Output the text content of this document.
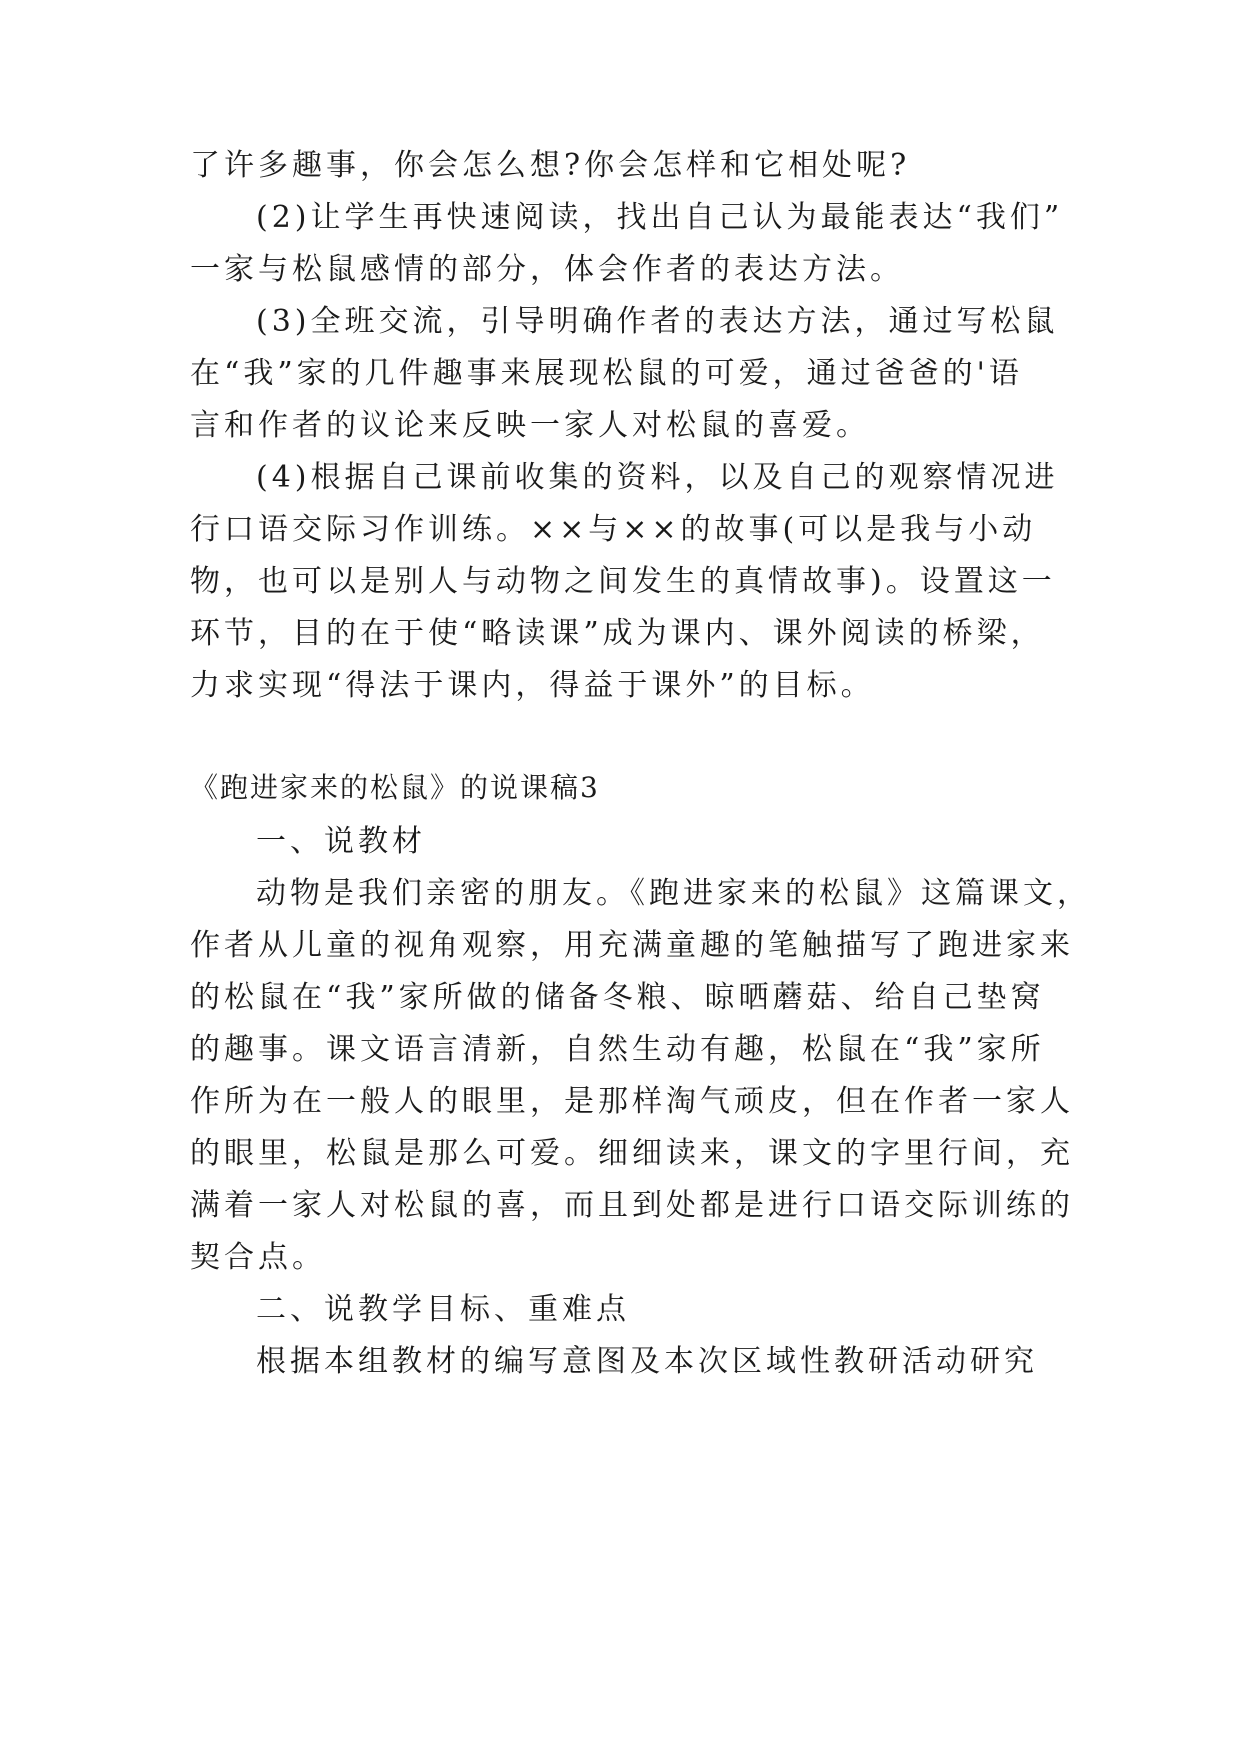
了许多趣事，你会怎么想?你会怎样和它相处呢?
(2)让学生再快速阅读，找出自己认为最能表达“我们”
一家与松鼠感情的部分，体会作者的表达方法。
(3)全班交流，引导明确作者的表达方法，通过写松鼠
在“我”家的几件趣事来展现松鼠的可爱，通过爸爸的'语
言和作者的议论来反映一家人对松鼠的喜爱。
(4)根据自己课前收集的资料，以及自己的观察情况进
行口语交际习作训练。××与××的故事(可以是我与小动
物，也可以是别人与动物之间发生的真情故事)。设置这一
环节，目的在于使“略读课”成为课内、课外阅读的桥梁，
力求实现“得法于课内，得益于课外”的目标。
《跑进家来的松鼠》的说课稿3
一、说教材
动物是我们亲密的朋友。《跑进家来的松鼠》这篇课文，
作者从儿童的视角观察，用充满童趣的笔触描写了跑进家来
的松鼠在“我”家所做的储备冬粮、晾晒蘑菇、给自己垫窝
的趣事。课文语言清新，自然生动有趣，松鼠在“我”家所
作所为在一般人的眼里，是那样淘气顽皮，但在作者一家人
的眼里，松鼠是那么可爱。细细读来，课文的字里行间，充
满着一家人对松鼠的喜，而且到处都是进行口语交际训练的
契合点。
二、说教学目标、重难点
根据本组教材的编写意图及本次区域性教研活动研究
